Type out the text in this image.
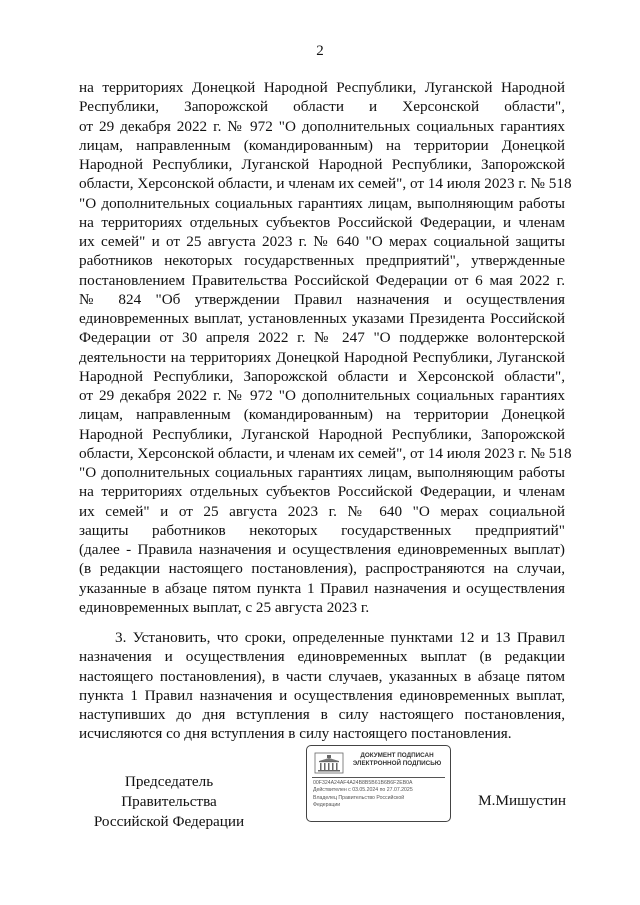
2
на территориях Донецкой Народной Республики, Луганской Народной
Республики, Запорожской области и Херсонской области",
от 29 декабря 2022 г. № 972 "О дополнительных социальных гарантиях
лицам, направленным (командированным) на территории Донецкой
Народной Республики, Луганской Народной Республики, Запорожской
области, Херсонской области, и членам их семей", от 14 июля 2023 г. № 518
"О дополнительных социальных гарантиях лицам, выполняющим работы
на территориях отдельных субъектов Российской Федерации, и членам
их семей" и от 25 августа 2023 г. № 640 "О мерах социальной защиты
работников некоторых государственных предприятий", утвержденные
постановлением Правительства Российской Федерации от 6 мая 2022 г.
№ 824 "Об утверждении Правил назначения и осуществления
единовременных выплат, установленных указами Президента Российской
Федерации от 30 апреля 2022 г. № 247 "О поддержке волонтерской
деятельности на территориях Донецкой Народной Республики, Луганской
Народной Республики, Запорожской области и Херсонской области",
от 29 декабря 2022 г. № 972 "О дополнительных социальных гарантиях
лицам, направленным (командированным) на территории Донецкой
Народной Республики, Луганской Народной Республики, Запорожской
области, Херсонской области, и членам их семей", от 14 июля 2023 г. № 518
"О дополнительных социальных гарантиях лицам, выполняющим работы
на территориях отдельных субъектов Российской Федерации, и членам
их семей" и от 25 августа 2023 г. № 640 "О мерах социальной
защиты работников некоторых государственных предприятий"
(далее - Правила назначения и осуществления единовременных выплат)
(в редакции настоящего постановления), распространяются на случаи,
указанные в абзаце пятом пункта 1 Правил назначения и осуществления
единовременных выплат, с 25 августа 2023 г.
3. Установить, что сроки, определенные пунктами 12 и 13 Правил
назначения и осуществления единовременных выплат (в редакции
настоящего постановления), в части случаев, указанных в абзаце пятом
пункта 1 Правил назначения и осуществления единовременных выплат,
наступивших до дня вступления в силу настоящего постановления,
исчисляются со дня вступления в силу настоящего постановления.
Председатель Правительства
Российской Федерации
ДОКУМЕНТ ПОДПИСАН
ЭЛЕКТРОННОЙ ПОДПИСЬЮ
00F324A24AF4A24B8B5B61B6B6F2EB0A
Действителен с 03.05.2024 по 27.07.2025
Владелец Правительство Российской
Федерации	М.Мишустин
